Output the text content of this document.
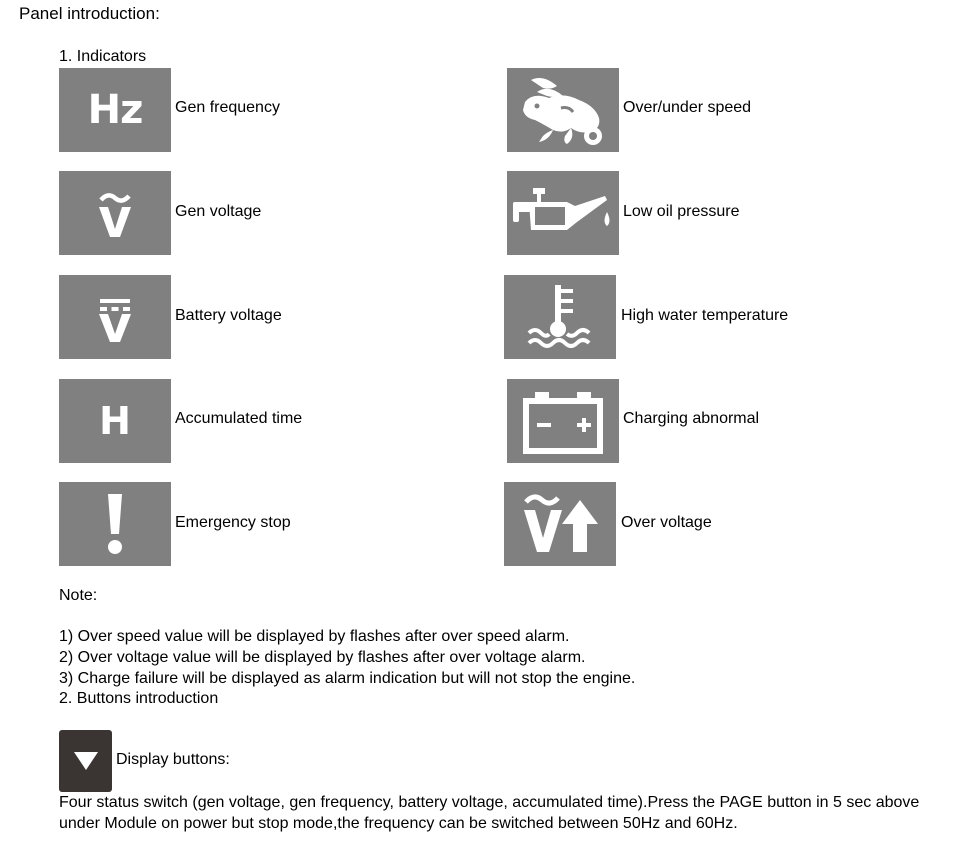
Panel introduction:
1. Indicators
Hz Gen frequency
Gen voltage
Battery voltage
H	Accumulated time
Emergency stop
Over/under speed
Low oil pressure
High water temperature
Charging abnormal
Over voltage
Note:
1) Over speed value will be displayed by flashes after over speed alarm.
2) Over voltage value will be displayed by flashes after over voltage alarm.
3) Charge failure will be displayed as alarm indication but will not stop the engine.
2. Buttons introduction
Display buttons:
Four status switch (gen voltage, gen frequency, battery voltage, accumulated time).Press the PAGE button in 5 sec above
under Module on power but stop mode,the frequency can be switched between 50Hz and 60Hz.
